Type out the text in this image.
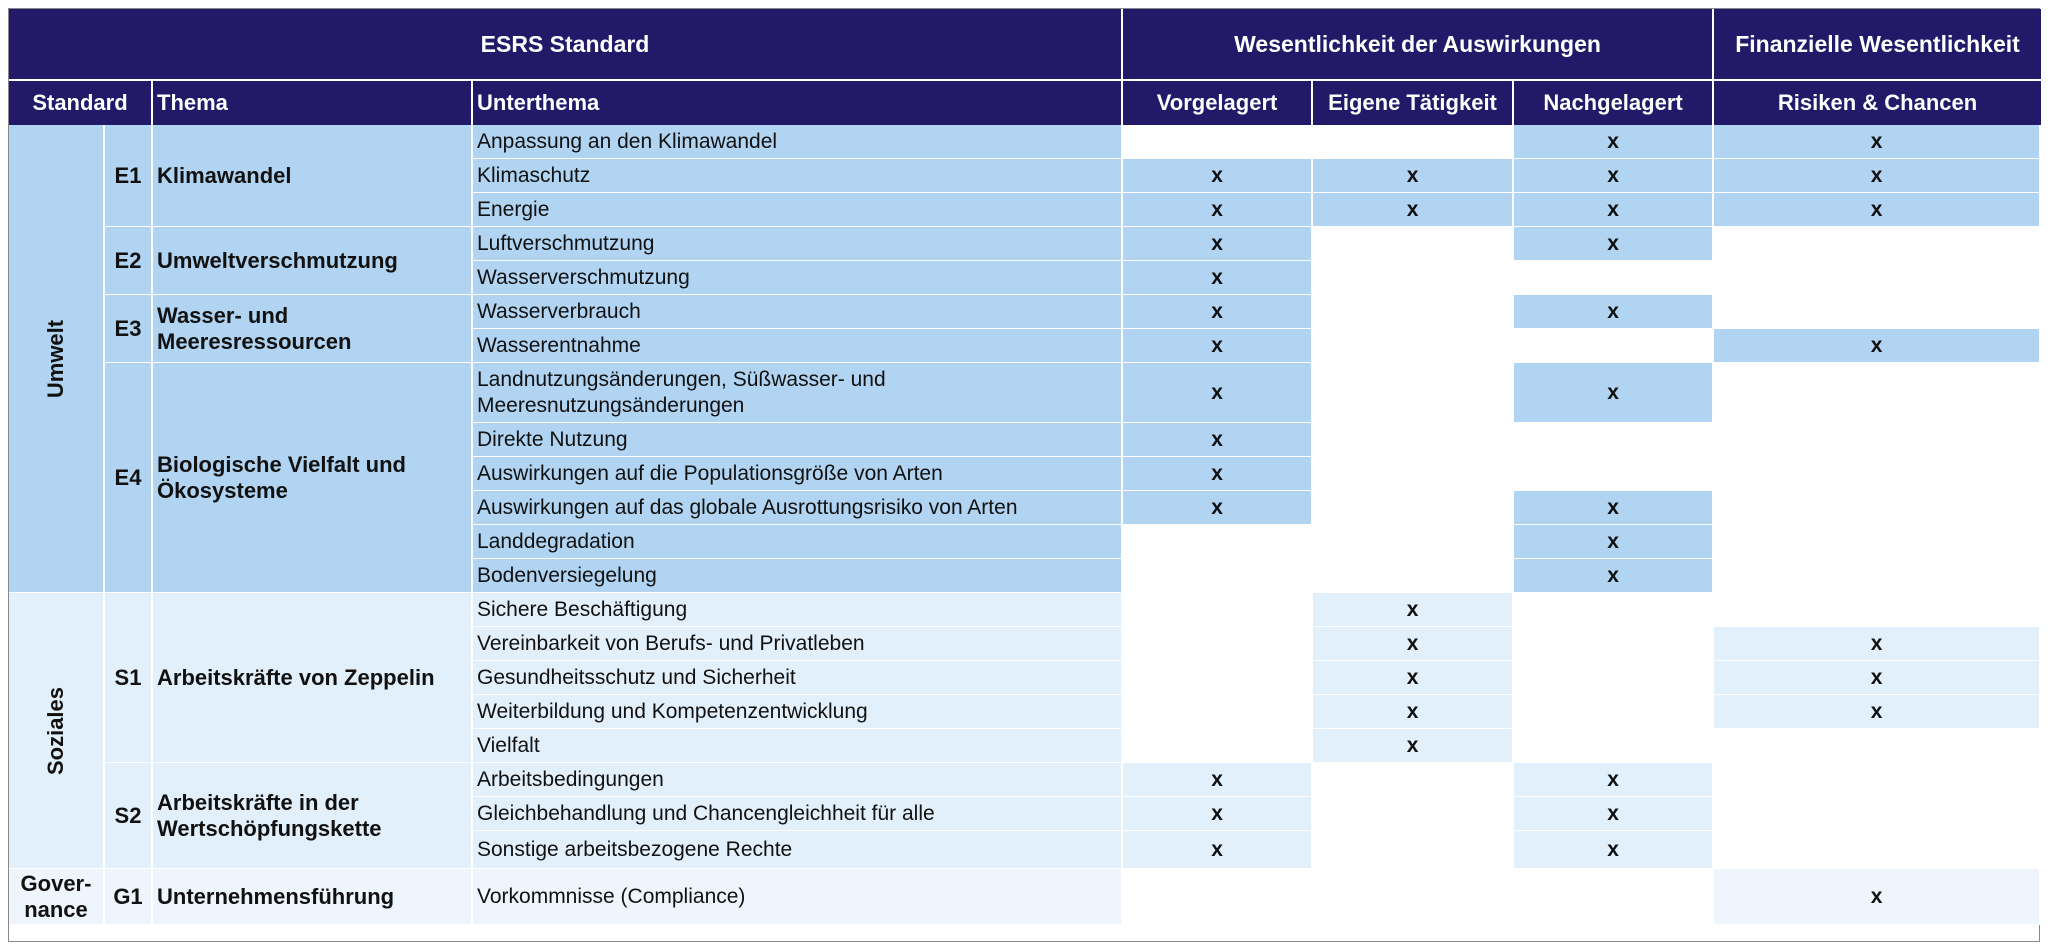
ESRS Standard				Wesentlichkeit der Auswirkungen			Finanzielle Wesentlichkeit
Standard		Thema	Unterthema	Vorgelagert	Eigene Tätigkeit	Nachgelagert	Risiken & Chancen
Umwelt	E1	Klimawandel	Anpassung an den Klimawandel			x	x
			Klimaschutz	x	x	x	x
			Energie	x	x	x	x
	E2	Umweltverschmutzung	Luftverschmutzung	x		x	
			Wasserverschmutzung	x			
	E3	Wasser- und Meeresressourcen	Wasserverbrauch	x		x	
			Wasserentnahme	x			x
	E4	Biologische Vielfalt und Ökosysteme	Landnutzungsänderungen, Süßwasser- und Meeresnutzungsänderungen	x		x	
			Direkte Nutzung	x			
			Auswirkungen auf die Populationsgröße von Arten	x			
			Auswirkungen auf das globale Ausrottungsrisiko von Arten	x		x	
			Landdegradation			x	
			Bodenversiegelung			x	
Soziales	S1	Arbeitskräfte von Zeppelin	Sichere Beschäftigung		x		
			Vereinbarkeit von Berufs- und Privatleben		x		x
			Gesundheitsschutz und Sicherheit		x		x
			Weiterbildung und Kompetenzentwicklung		x		x
			Vielfalt		x		
	S2	Arbeitskräfte in der Wertschöpfungskette	Arbeitsbedingungen	x		x	
			Gleichbehandlung und Chancengleichheit für alle	x		x	
			Sonstige arbeitsbezogene Rechte	x		x	
Gover-
nance	G1	Unternehmensführung	Vorkommnisse (Compliance)				x
